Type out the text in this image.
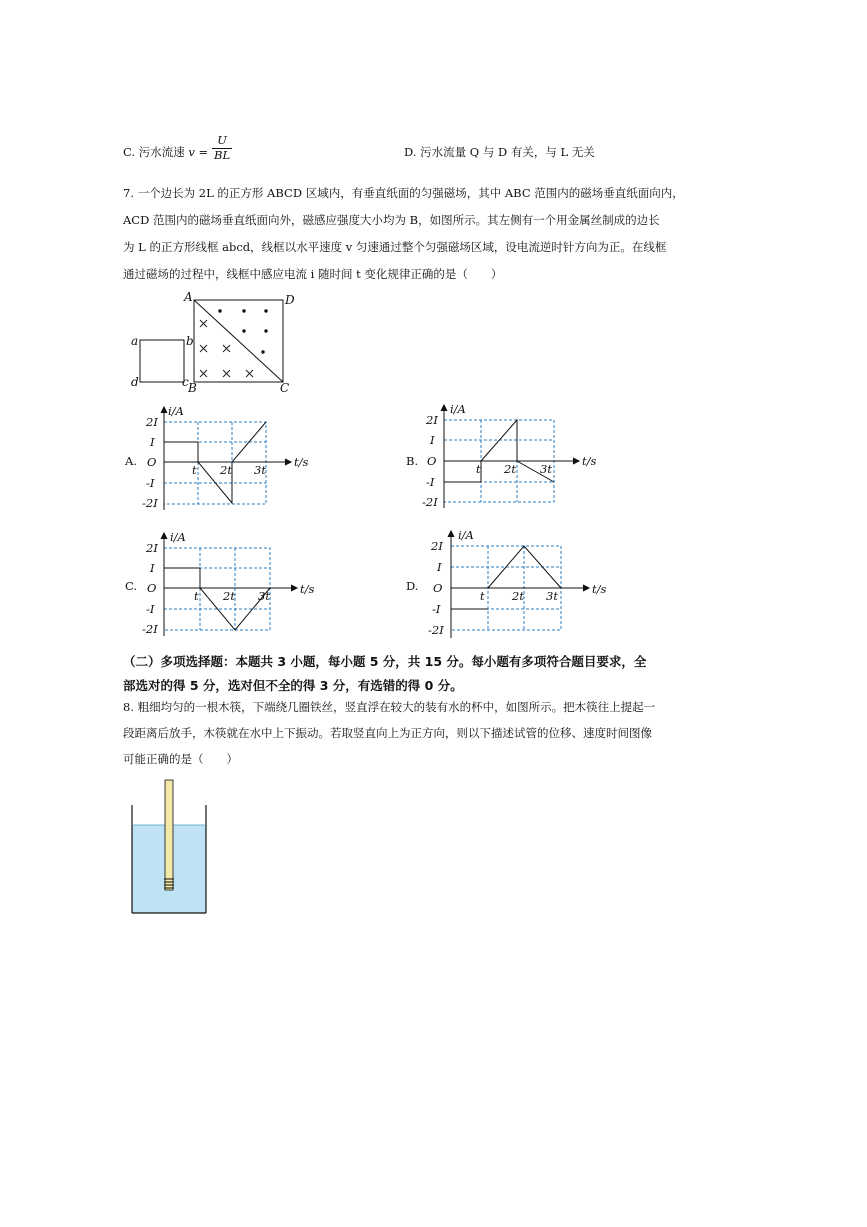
C. 污水流速 $v = \frac{U}{BL}$	D. 污水流量 Q 与 D 有关，与 L 无关
7. 一个边长为 2L 的正方形 ABCD 区域内，有垂直纸面的匀强磁场，其中 ABC 范围内的磁场垂直纸面向内，
ACD 范围内的磁场垂直纸面向外，磁感应强度大小均为 B，如图所示。其左侧有一个用金属丝制成的边长
为 L 的正方形线框 abcd，线框以水平速度 v 匀速通过整个匀强磁场区域，设电流逆时针方向为正。在线框
通过磁场的过程中，线框中感应电流 i 随时间 t 变化规律正确的是（　　）
A	D
B	C
a	b
d	c
A.	B.
C.	D.
i/A
t/s
2I
I
O
-I
-2I
t 2t 3t
i/A
t/s
2I
I
O
-I
-2I
t 2t 3t
i/A
t/s
2I
I
O
-I
-2I
t 2t 3t
i/A
t/s
2I
I
O
-I
-2I
t 2t 3t
（二）多项选择题：本题共 3 小题，每小题 5 分，共 15 分。每小题有多项符合题目要求，全
部选对的得 5 分，选对但不全的得 3 分，有选错的得 0 分。
8. 粗细均匀的一根木筷，下端绕几圈铁丝，竖直浮在较大的装有水的杯中，如图所示。把木筷往上提起一
段距离后放手，木筷就在水中上下振动。若取竖直向上为正方向，则以下描述试管的位移、速度时间图像
可能正确的是（　　）
